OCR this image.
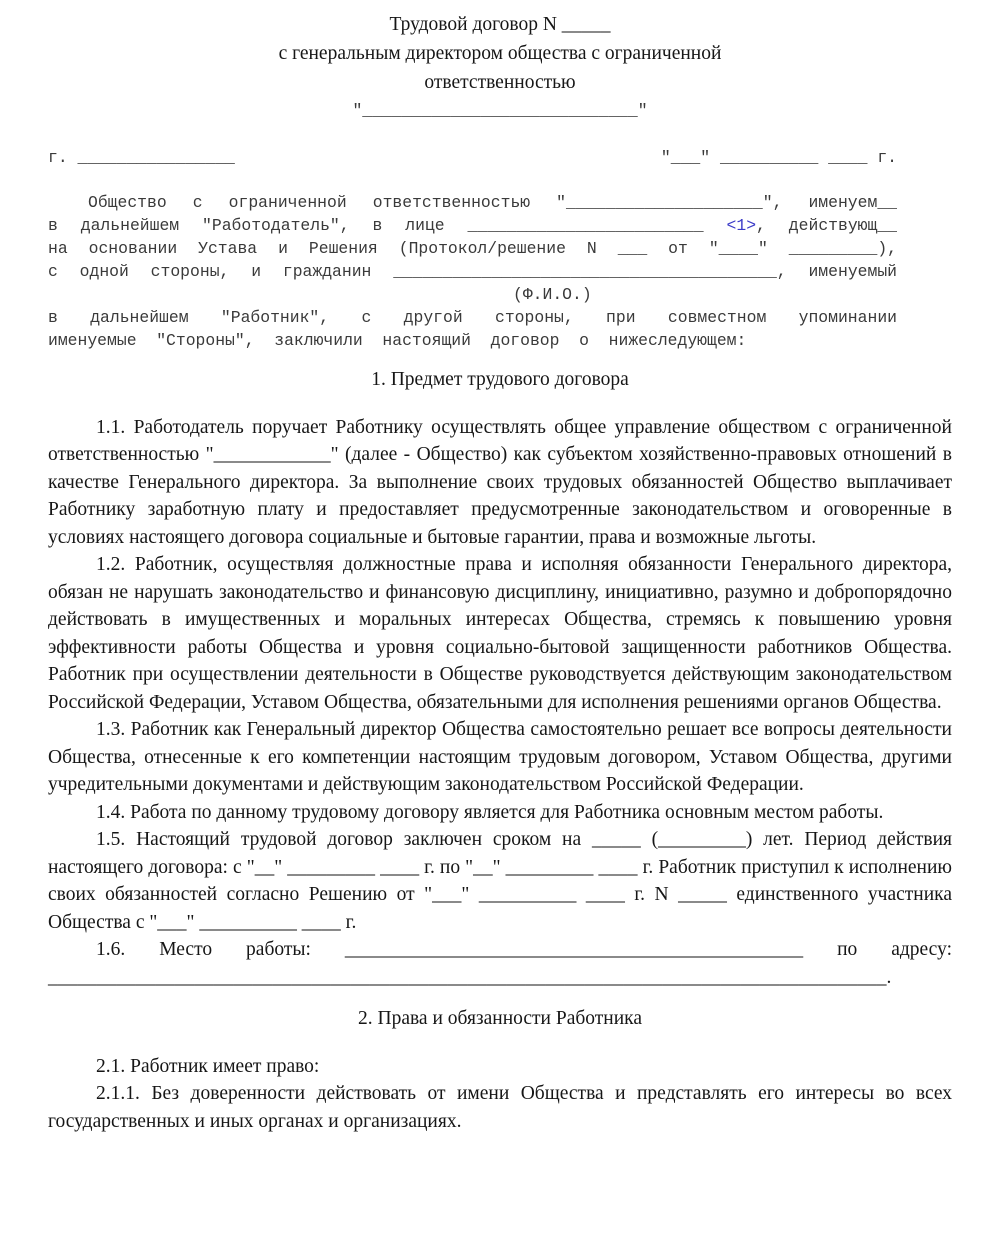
Трудовой договор N _____
с генеральным директором общества с ограниченной
ответственностью
"____________________________"
г. ________________	"___" __________ ____ г.
Общество с ограниченной ответственностью "____________________", именуем__
в дальнейшем "Работодатель", в лице ________________________ <1>, действующ__
на основании Устава и Решения (Протокол/решение N ___ от "____" _________),
с одной стороны, и гражданин _______________________________________, именуемый
(Ф.И.О.)
в дальнейшем "Работник", с другой стороны, при совместном упоминании
именуемые  "Стороны",  заключили  настоящий  договор  о  нижеследующем:
1. Предмет трудового договора

1.1. Работодатель поручает Работнику осуществлять общее управление обществом с ограниченной ответственностью "____________" (далее - Общество) как субъектом хозяйственно-правовых отношений в качестве Генерального директора. За выполнение своих трудовых обязанностей Общество выплачивает Работнику заработную плату и предоставляет предусмотренные законодательством и оговоренные в условиях настоящего договора социальные и бытовые гарантии, права и возможные льготы.

1.2. Работник, осуществляя должностные права и исполняя обязанности Генерального директора, обязан не нарушать законодательство и финансовую дисциплину, инициативно, разумно и добропорядочно действовать в имущественных и моральных интересах Общества, стремясь к повышению уровня эффективности работы Общества и уровня социально-бытовой защищенности работников Общества. Работник при осуществлении деятельности в Обществе руководствуется действующим законодательством Российской Федерации, Уставом Общества, обязательными для исполнения решениями органов Общества.

1.3. Работник как Генеральный директор Общества самостоятельно решает все вопросы деятельности Общества, отнесенные к его компетенции настоящим трудовым договором, Уставом Общества, другими учредительными документами и действующим законодательством Российской Федерации.

1.4. Работа по данному трудовому договору является для Работника основным местом работы.

1.5. Настоящий трудовой договор заключен сроком на _____ (_________) лет. Период действия настоящего договора: с "__" _________ ____ г. по "__" _________ ____ г. Работник приступил к исполнению своих обязанностей согласно Решению от "___" __________ ____ г. N _____ единственного участника Общества с "___" __________ ____ г.

1.6. Место работы: _______________________________________________ по адресу:

______________________________________________________________________________________.

2. Права и обязанности Работника

2.1. Работник имеет право:

2.1.1. Без доверенности действовать от имени Общества и представлять его интересы во всех государственных и иных органах и организациях.
